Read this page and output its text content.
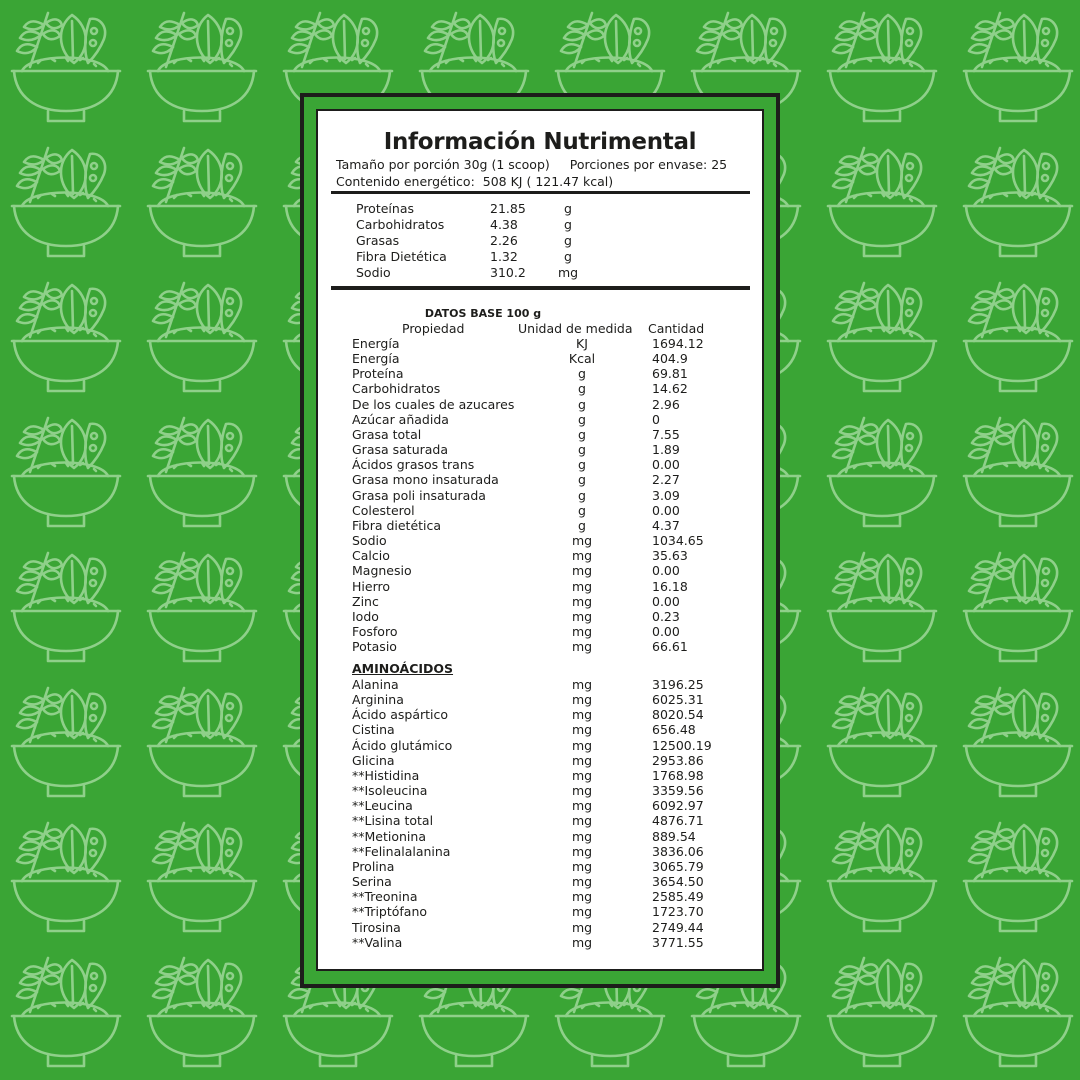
Información Nutrimental
Tamaño por porción 30g (1 scoop) Porciones por envase: 25
Contenido energético: 508 KJ ( 121.47 kcal)
Proteínas	21.85	g
Carbohidratos	4.38	g
Grasas	2.26	g
Fibra Dietética	1.32	g
Sodio	310.2	mg
DATOS BASE 100 g
Propiedad	Unidad de medida Cantidad
Energía	KJ	1694.12
Energía	Kcal	404.9
Proteína	g	69.81
Carbohidratos	g	14.62
De los cuales de azucares	g	2.96
Azúcar añadida	g	0
Grasa total	g	7.55
Grasa saturada	g	1.89
Ácidos grasos trans	g	0.00
Grasa mono insaturada	g	2.27
Grasa poli insaturada	g	3.09
Colesterol	g	0.00
Fibra dietética	g	4.37
Sodio	mg	1034.65
Calcio	mg	35.63
Magnesio	mg	0.00
Hierro	mg	16.18
Zinc	mg	0.00
Iodo	mg	0.23
Fosforo	mg	0.00
Potasio	mg	66.61
AMINOÁCIDOS
Alanina	mg	3196.25
Arginina	mg	6025.31
Ácido aspártico	mg	8020.54
Cistina	mg	656.48
Ácido glutámico	mg	12500.19
Glicina	mg	2953.86
**Histidina	mg	1768.98
**Isoleucina	mg	3359.56
**Leucina	mg	6092.97
**Lisina total	mg	4876.71
**Metionina	mg	889.54
**Felinalalanina	mg	3836.06
Prolina	mg	3065.79
Serina	mg	3654.50
**Treonina	mg	2585.49
**Triptófano	mg	1723.70
Tirosina	mg	2749.44
**Valina	mg	3771.55
